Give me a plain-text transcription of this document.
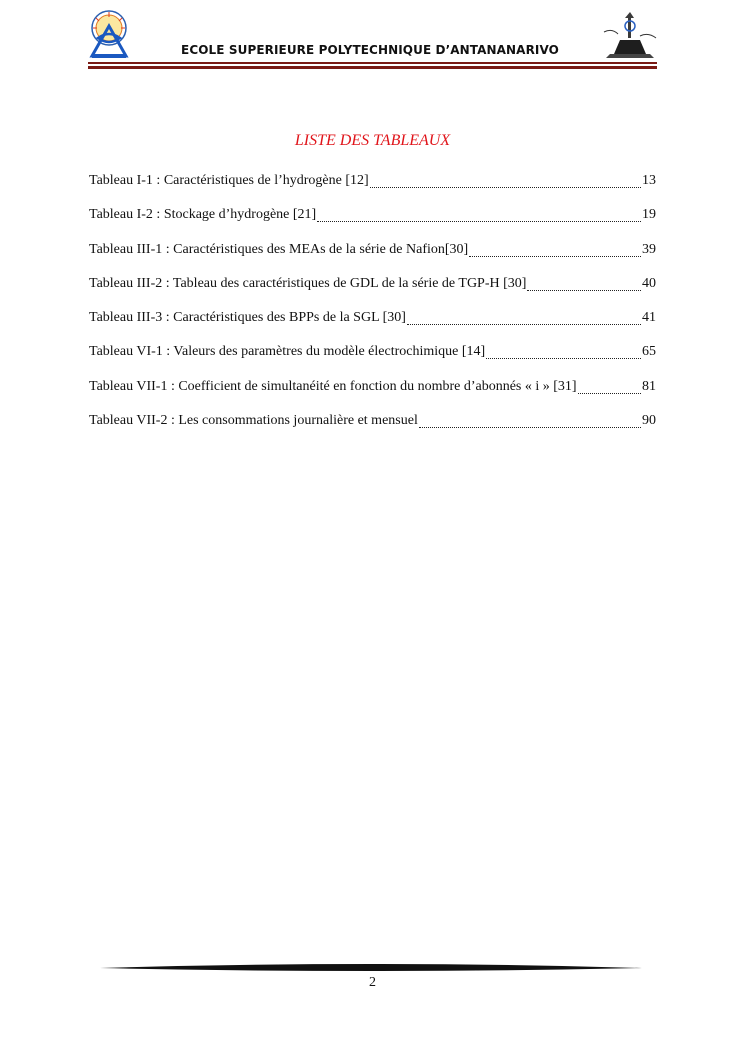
ECOLE SUPERIEURE POLYTECHNIQUE D’ANTANANARIVO
LISTE DES TABLEAUX
Tableau I-1 : Caractéristiques de l’hydrogène [12]	13
Tableau I-2 : Stockage d’hydrogène [21]	19
Tableau III-1 : Caractéristiques des MEAs de la série de Nafion[30]	39
Tableau III-2 : Tableau des caractéristiques de GDL de la série de TGP-H [30]	40
Tableau III-3 : Caractéristiques des BPPs de la SGL [30]	41
Tableau VI-1 : Valeurs des paramètres du modèle électrochimique [14]	65
Tableau VII-1 : Coefficient de simultanéité en fonction du nombre d’abonnés « i » [31]	81
Tableau VII-2 : Les consommations journalière et mensuel	90
2
